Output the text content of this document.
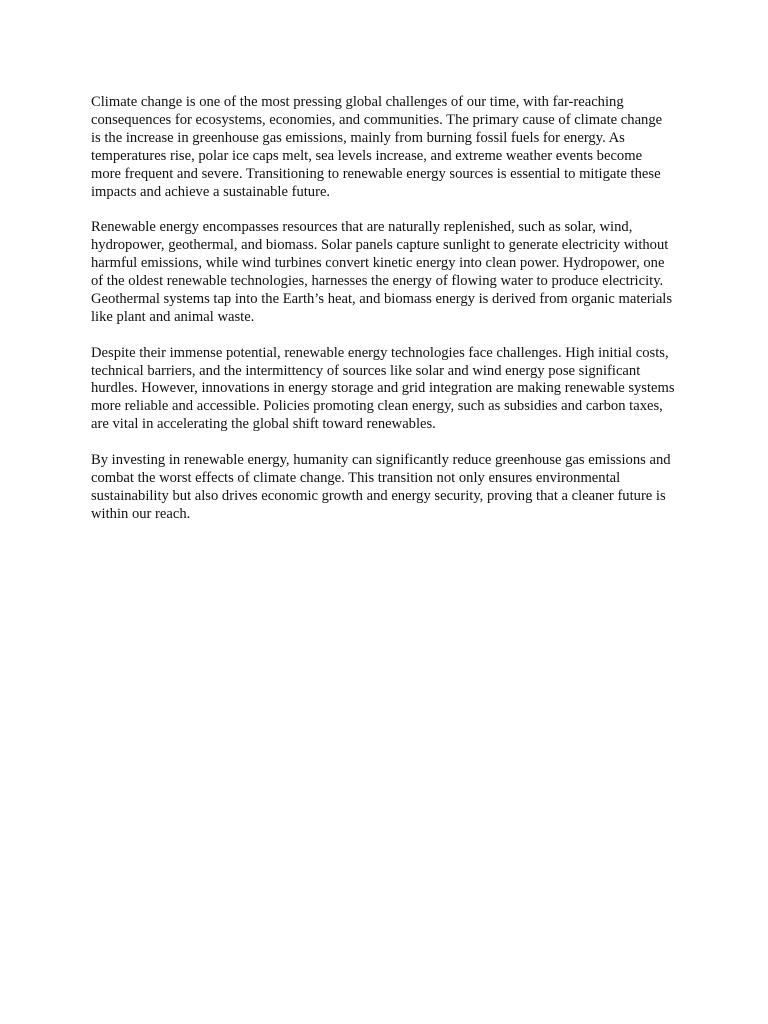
Climate change is one of the most pressing global challenges of our time, with far-reaching consequences for ecosystems, economies, and communities. The primary cause of climate change is the increase in greenhouse gas emissions, mainly from burning fossil fuels for energy. As temperatures rise, polar ice caps melt, sea levels increase, and extreme weather events become more frequent and severe. Transitioning to renewable energy sources is essential to mitigate these impacts and achieve a sustainable future.

Renewable energy encompasses resources that are naturally replenished, such as solar, wind, hydropower, geothermal, and biomass. Solar panels capture sunlight to generate electricity without harmful emissions, while wind turbines convert kinetic energy into clean power. Hydropower, one of the oldest renewable technologies, harnesses the energy of flowing water to produce electricity. Geothermal systems tap into the Earth’s heat, and biomass energy is derived from organic materials like plant and animal waste.

Despite their immense potential, renewable energy technologies face challenges. High initial costs, technical barriers, and the intermittency of sources like solar and wind energy pose significant hurdles. However, innovations in energy storage and grid integration are making renewable systems more reliable and accessible. Policies promoting clean energy, such as subsidies and carbon taxes, are vital in accelerating the global shift toward renewables.

By investing in renewable energy, humanity can significantly reduce greenhouse gas emissions and combat the worst effects of climate change. This transition not only ensures environmental sustainability but also drives economic growth and energy security, proving that a cleaner future is within our reach.
